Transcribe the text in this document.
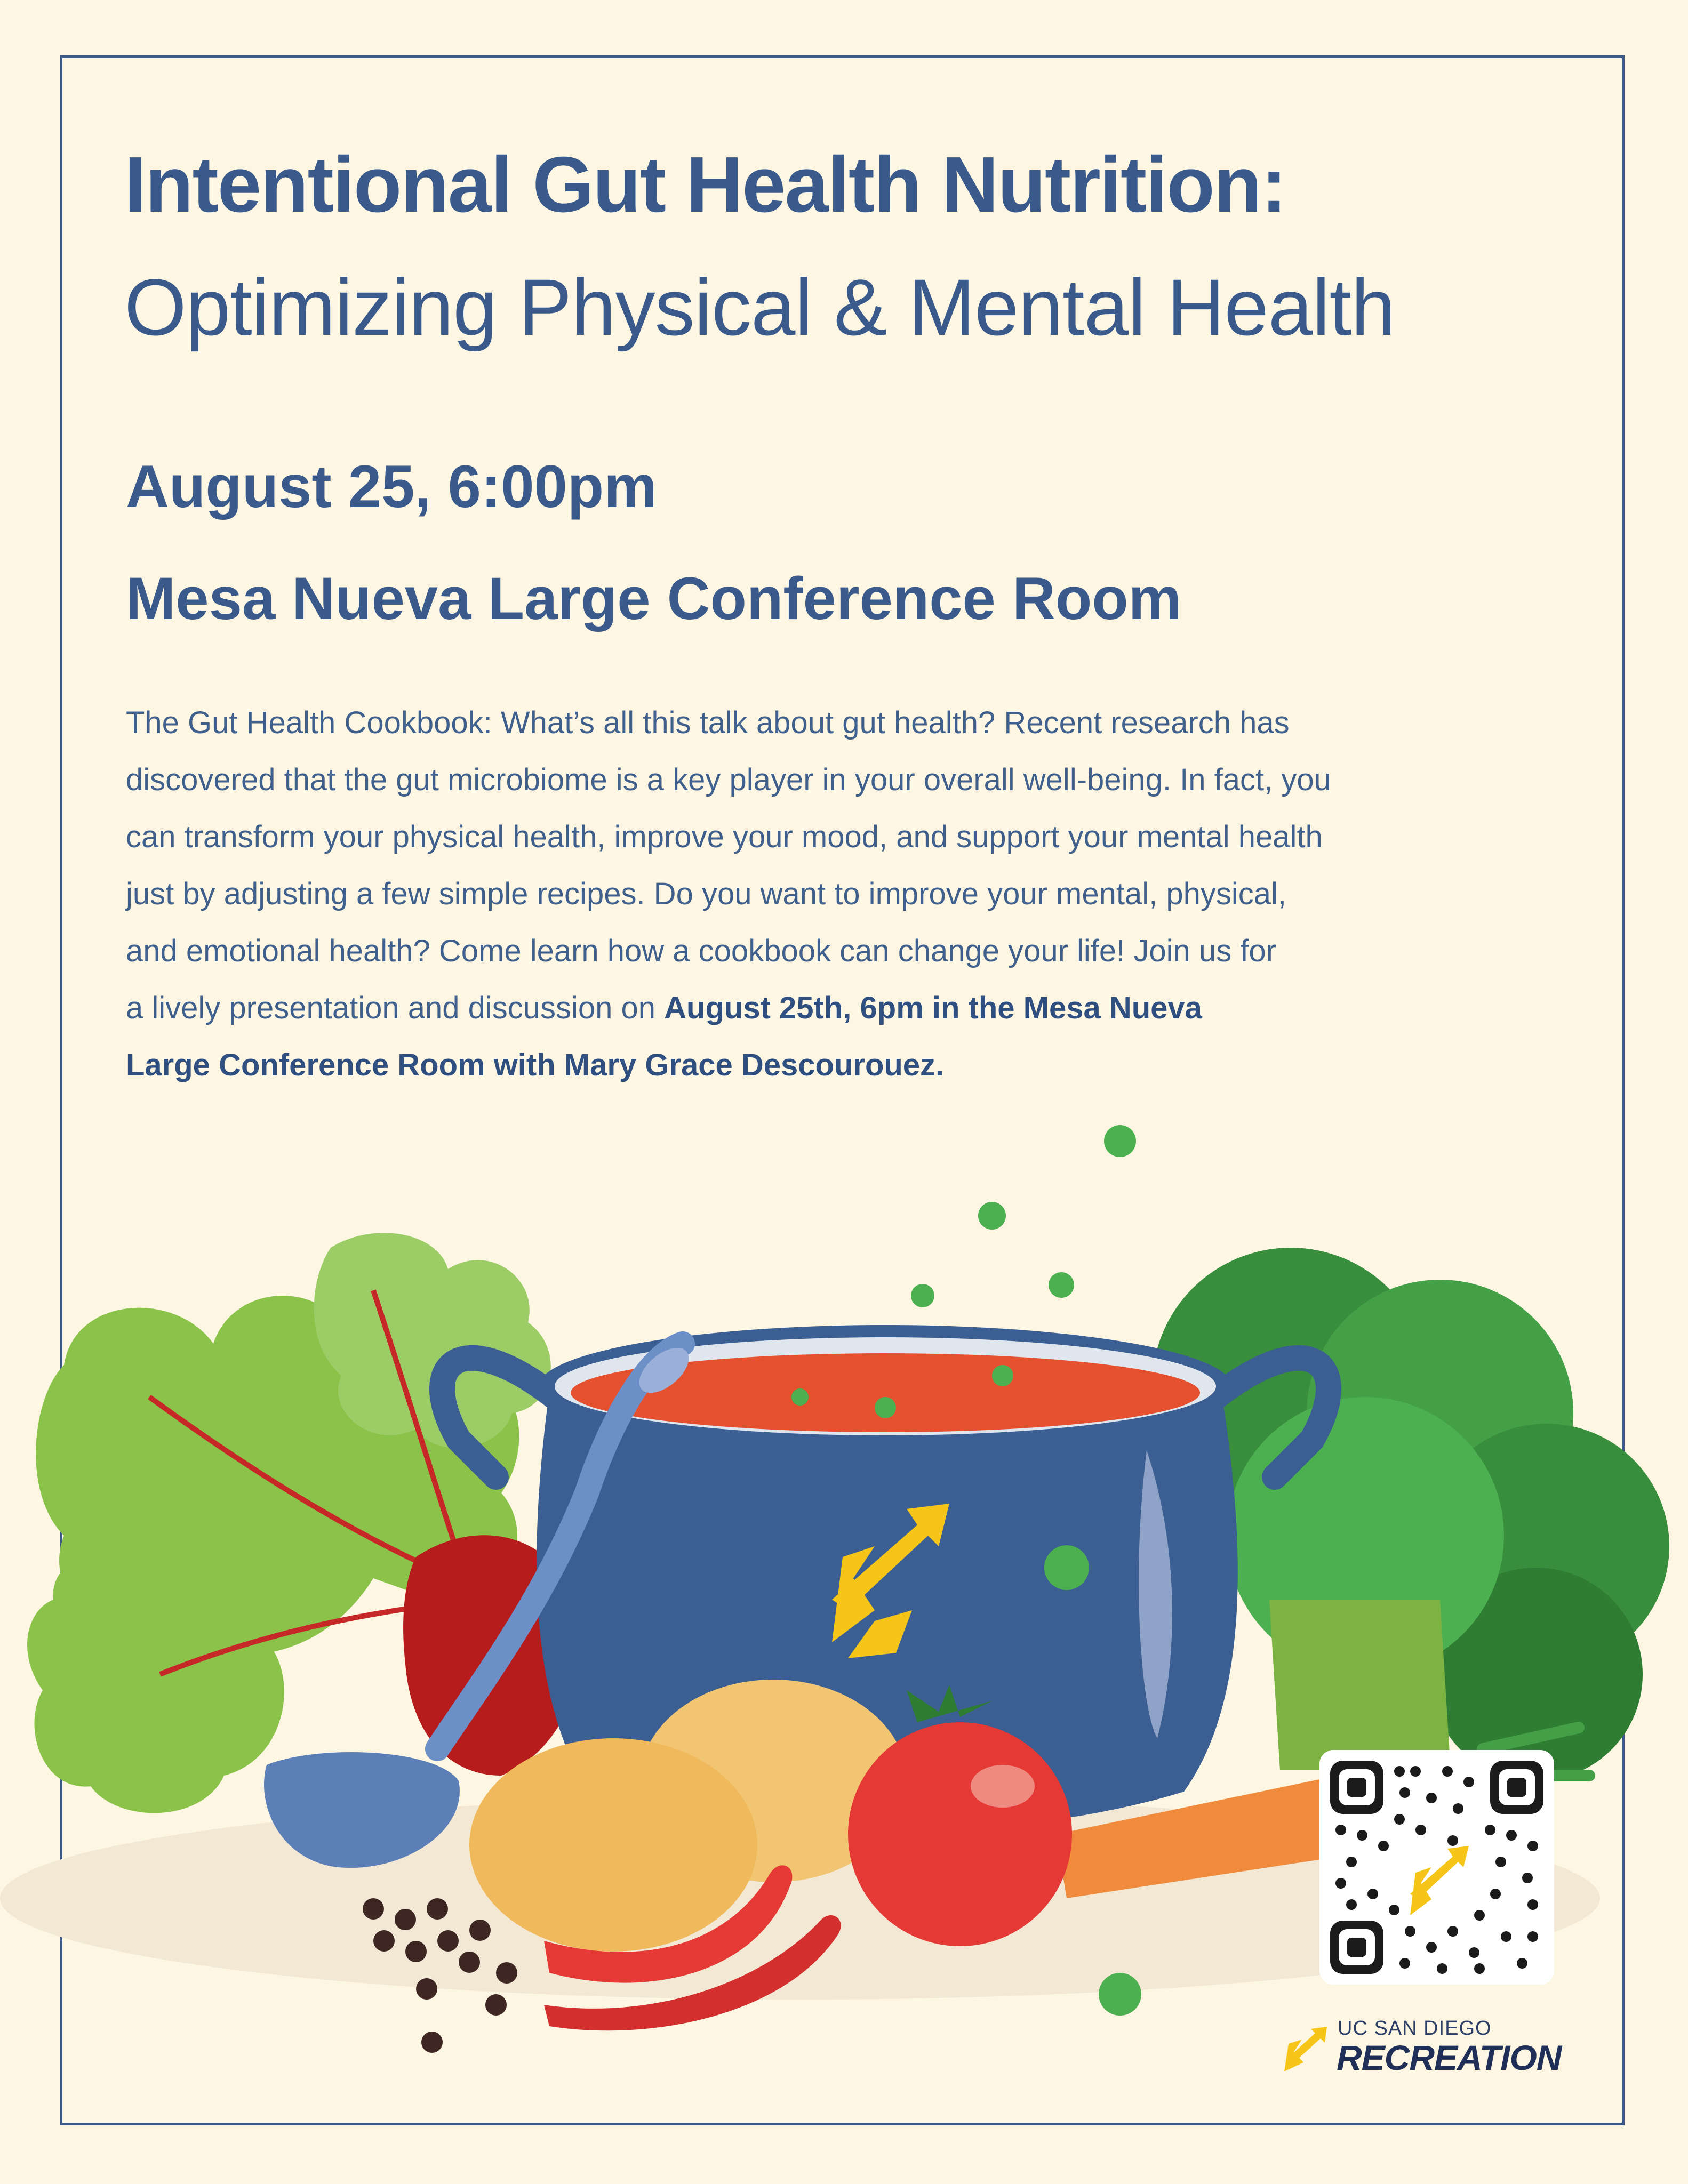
Intentional Gut Health Nutrition:
Optimizing Physical & Mental Health
August 25, 6:00pm
Mesa Nueva Large Conference Room
The Gut Health Cookbook: What’s all this talk about gut health? Recent research has
discovered that the gut microbiome is a key player in your overall well-being. In fact, you
can transform your physical health, improve your mood, and support your mental health
just by adjusting a few simple recipes. Do you want to improve your mental, physical,
and emotional health? Come learn how a cookbook can change your life! Join us for
a lively presentation and discussion on August 25th, 6pm in the Mesa Nueva
Large Conference Room with Mary Grace Descourouez.
UC SAN DIEGO
RECREATION
